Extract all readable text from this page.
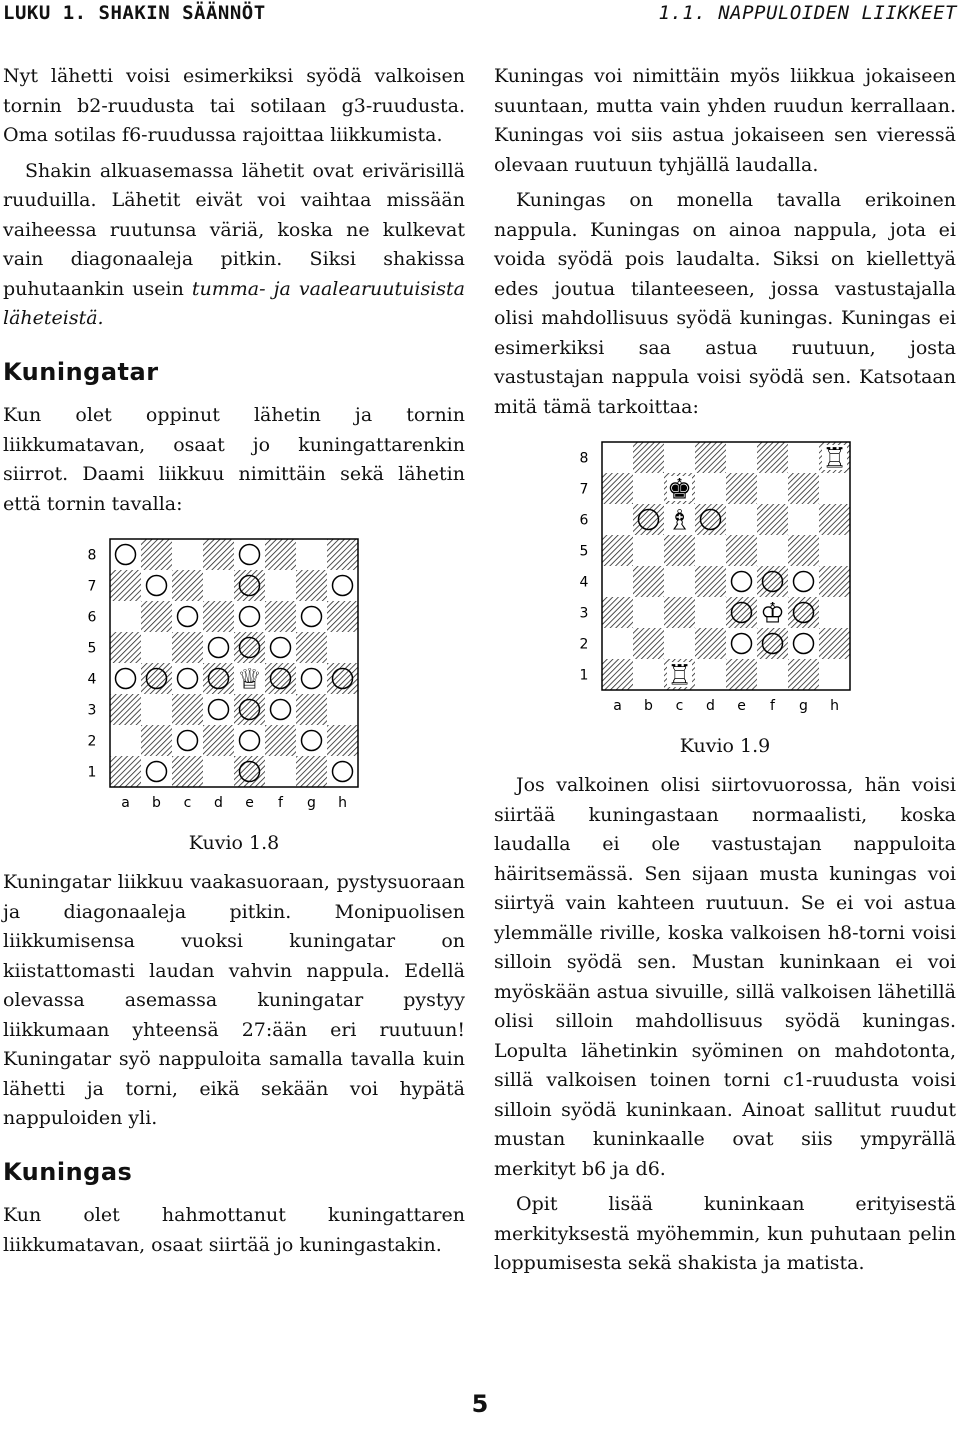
LUKU 1. SHAKIN SÄÄNNÖT	1.1. NAPPULOIDEN LIIKKEET

Nyt lähetti voisi esimerkiksi syödä valkoisen tornin b2-ruudusta tai sotilaan g3-ruudusta. Oma sotilas f6-ruudussa rajoittaa liikkumista.

Shakin alkuasemassa lähetit ovat erivärisillä ruuduilla. Lähetit eivät voi vaihtaa missään vaiheessa ruutunsa väriä, koska ne kulkevat vain diagonaaleja pitkin. Siksi shakissa puhutaankin usein tumma- ja vaalearuutuisista läheteistä.

Kuningatar

Kun olet oppinut lähetin ja tornin liikkumatavan, osaat jo kuningattarenkin siirrot. Daami liikkuu nimittäin sekä lähetin että tornin tavalla:

8
7
6
5
4
3
2
1
a b c d e f g h
♕
Kuvio 1.8

Kuningatar liikkuu vaakasuoraan, pystysuoraan ja diagonaaleja pitkin. Monipuolisen liikkumisensa vuoksi kuningatar on kiistattomasti laudan vahvin nappula. Edellä olevassa asemassa kuningatar pystyy liikkumaan yhteensä 27:ään eri ruutuun! Kuningatar syö nappuloita samalla tavalla kuin lähetti ja torni, eikä sekään voi hypätä nappuloiden yli.

Kuningas

Kun olet hahmottanut kuningattaren liikkumatavan, osaat siirtää jo kuningastakin.

Kuningas voi nimittäin myös liikkua jokaiseen suuntaan, mutta vain yhden ruudun kerrallaan. Kuningas voi siis astua jokaiseen sen vieressä olevaan ruutuun tyhjällä laudalla.

Kuningas on monella tavalla erikoinen nappula. Kuningas on ainoa nappula, jota ei voida syödä pois laudalta. Siksi on kiellettyä edes joutua tilanteeseen, jossa vastustajalla olisi mahdollisuus syödä kuningas. Kuningas ei esimerkiksi saa astua ruutuun, josta vastustajan nappula voisi syödä sen. Katsotaan mitä tämä tarkoittaa:

8
7
6
5
4
3
2
1
a b c d e f g h
♖
♚
♗
♔
♖
Kuvio 1.9

Jos valkoinen olisi siirtovuorossa, hän voisi siirtää kuningastaan normaalisti, koska laudalla ei ole vastustajan nappuloita häiritsemässä. Sen sijaan musta kuningas voi siirtyä vain kahteen ruutuun. Se ei voi astua ylemmälle riville, koska valkoisen h8-torni voisi silloin syödä sen. Mustan kuninkaan ei voi myöskään astua sivuille, sillä valkoisen lähetillä olisi silloin mahdollisuus syödä kuningas. Lopulta lähetinkin syöminen on mahdotonta, sillä valkoisen toinen torni c1-ruudusta voisi silloin syödä kuninkaan. Ainoat sallitut ruudut mustan kuninkaalle ovat siis ympyrällä merkityt b6 ja d6.

Opit lisää kuninkaan erityisestä merkityksestä myöhemmin, kun puhutaan pelin loppumisesta sekä shakista ja matista.

5
